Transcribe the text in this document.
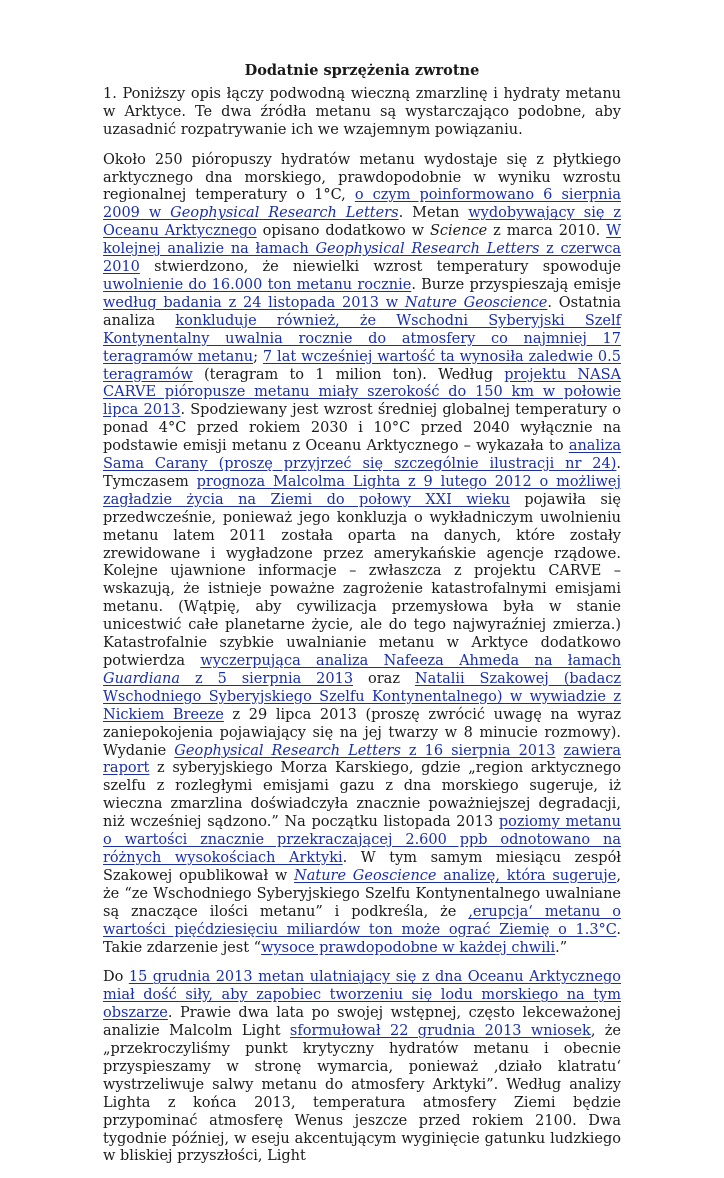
Dodatnie sprzężenia zwrotne

1. Poniższy opis łączy podwodną wieczną zmarzlinę i hydraty metanu w Arktyce. Te dwa źródła metanu są wystarczająco podobne, aby uzasadnić rozpatrywanie ich we wzajemnym powiązaniu.

Około 250 pióropuszy hydratów metanu wydostaje się z płytkiego arktycznego dna morskiego, prawdopodobnie w wyniku wzrostu regionalnej temperatury o 1°C, o czym poinformowano 6 sierpnia 2009 w Geophysical Research Letters. Metan wydobywający się z Oceanu Arktycznego opisano dodatkowo w Science z marca 2010. W kolejnej analizie na łamach Geophysical Research Letters z czerwca 2010 stwierdzono, że niewielki wzrost temperatury spowoduje uwolnienie do 16.000 ton metanu rocznie. Burze przyspieszają emisje według badania z 24 listopada 2013 w Nature Geoscience. Ostatnia analiza konkluduje również, że Wschodni Syberyjski Szelf Kontynentalny uwalnia rocznie do atmosfery co najmniej 17 teragramów metanu; 7 lat wcześniej wartość ta wynosiła zaledwie 0.5 teragramów (teragram to 1 milion ton). Według projektu NASA CARVE pióropusze metanu miały szerokość do 150 km w połowie lipca 2013. Spodziewany jest wzrost średniej globalnej temperatury o ponad 4°C przed rokiem 2030 i 10°C przed 2040 wyłącznie na podstawie emisji metanu z Oceanu Arktycznego – wykazała to analiza Sama Carany (proszę przyjrzeć się szczególnie ilustracji nr 24). Tymczasem prognoza Malcolma Lighta z 9 lutego 2012 o możliwej zagładzie życia na Ziemi do połowy XXI wieku pojawiła się przedwcześnie, ponieważ jego konkluzja o wykładniczym uwolnieniu metanu latem 2011 została oparta na danych, które zostały zrewidowane i wygładzone przez amerykańskie agencje rządowe. Kolejne ujawnione informacje – zwłaszcza z projektu CARVE – wskazują, że istnieje poważne zagrożenie katastrofalnymi emisjami metanu. (Wątpię, aby cywilizacja przemysłowa była w stanie unicestwić całe planetarne życie, ale do tego najwyraźniej zmierza.) Katastrofalnie szybkie uwalnianie metanu w Arktyce dodatkowo potwierdza wyczerpująca analiza Nafeeza Ahmeda na łamach Guardiana z 5 sierpnia 2013 oraz Natalii Szakowej (badacz Wschodniego Syberyjskiego Szelfu Kontynentalnego) w wywiadzie z Nickiem Breeze z 29 lipca 2013 (proszę zwrócić uwagę na wyraz zaniepokojenia pojawiający się na jej twarzy w 8 minucie rozmowy). Wydanie Geophysical Research Letters z 16 sierpnia 2013 zawiera raport z syberyjskiego Morza Karskiego, gdzie „region arktycznego szelfu z rozległymi emisjami gazu z dna morskiego sugeruje, iż wieczna zmarzlina doświadczyła znacznie poważniejszej degradacji, niż wcześniej sądzono.” Na początku listopada 2013 poziomy metanu o wartości znacznie przekraczającej 2.600 ppb odnotowano na różnych wysokościach Arktyki. W tym samym miesiącu zespół Szakowej opublikował w Nature Geoscience analizę, która sugeruje, że “ze Wschodniego Syberyjskiego Szelfu Kontynentalnego uwalniane są znaczące ilości metanu” i podkreśla, że ‚erupcja‘ metanu o wartości pięćdziesięciu miliardów ton może ograć Ziemię o 1.3°C. Takie zdarzenie jest “wysoce prawdopodobne w każdej chwili.”

Do 15 grudnia 2013 metan ulatniający się z dna Oceanu Arktycznego miał dość siły, aby zapobiec tworzeniu się lodu morskiego na tym obszarze. Prawie dwa lata po swojej wstępnej, często lekceważonej analizie Malcolm Light sformułował 22 grudnia 2013 wniosek, że „przekroczyliśmy punkt krytyczny hydratów metanu i obecnie przyspieszamy w stronę wymarcia, ponieważ ‚działo klatratu‘ wystrzeliwuje salwy metanu do atmosfery Arktyki”. Według analizy Lighta z końca 2013, temperatura atmosfery Ziemi będzie przypominać atmosferę Wenus jeszcze przed rokiem 2100. Dwa tygodnie później, w eseju akcentującym wyginięcie gatunku ludzkiego w bliskiej przyszłości, Light
